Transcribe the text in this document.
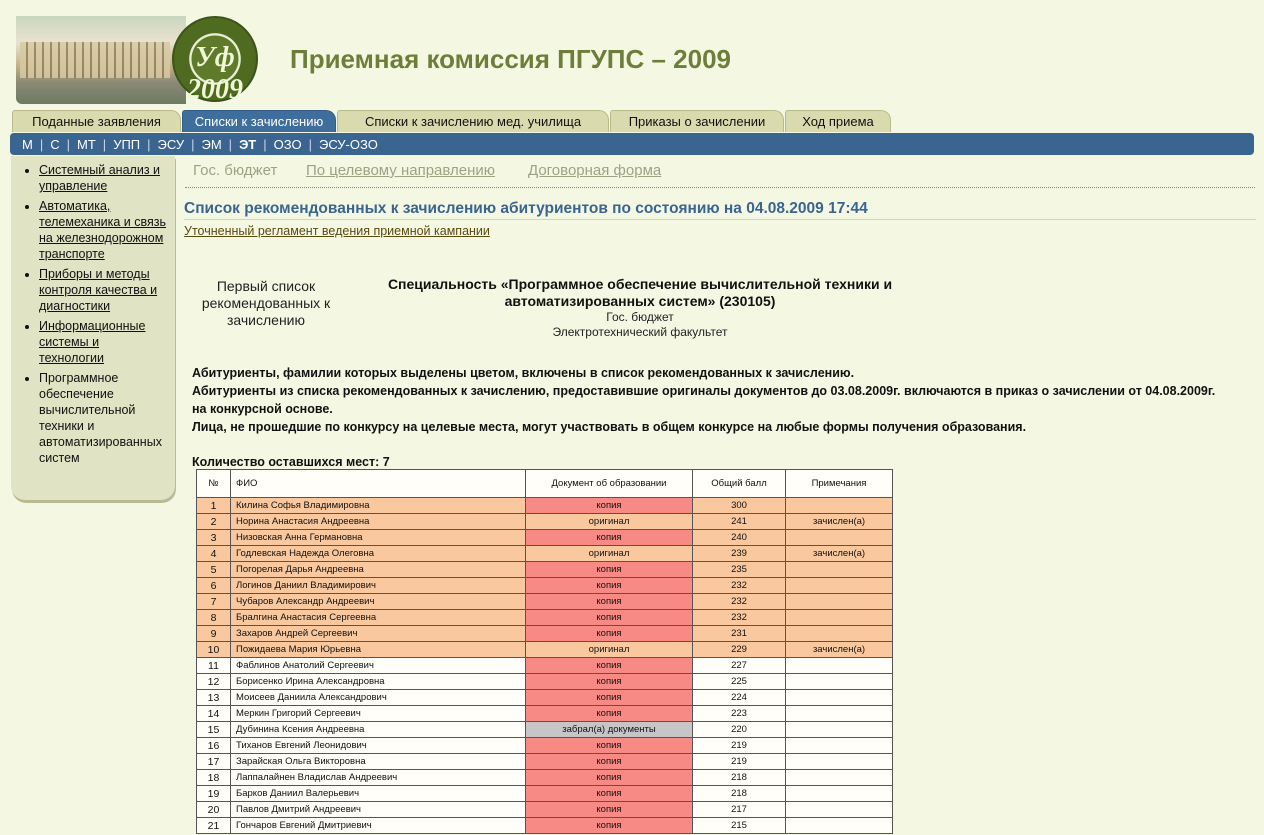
Уф 2009
Приемная комиссия ПГУПС – 2009
Поданные заявления	Списки к зачислению	Списки к зачислению мед. училища	Приказы о зачислении	Ход приема
М | С | МТ | УПП | ЭСУ | ЭМ | ЭТ | ОЗО | ЭСУ-ОЗО
• Системный анализ и управление
• Автоматика, телемеханика и связь на железнодорожном транспорте
• Приборы и методы контроля качества и диагностики
• Информационные системы и технологии
• Программное обеспечение вычислительной техники и автоматизированных систем
Гос. бюджет По целевому направлению Договорная форма
Список рекомендованных к зачислению абитуриентов по состоянию на 04.08.2009 17:44
Уточненный регламент ведения приемной кампании
Первый список рекомендованных к зачислению
Специальность «Программное обеспечение вычислительной техники и автоматизированных систем» (230105)
Гос. бюджет
Электротехнический факультет
Абитуриенты, фамилии которых выделены цветом, включены в список рекомендованных к зачислению.
Абитуриенты из списка рекомендованных к зачислению, предоставившие оригиналы документов до 03.08.2009г. включаются в приказ о зачислении от 04.08.2009г. на конкурсной основе.
Лица, не прошедшие по конкурсу на целевые места, могут участвовать в общем конкурсе на любые формы получения образования.
Количество оставшихся мест: 7
№	ФИО	Документ об образовании	Общий балл	Примечания
1	Килина Софья Владимировна	копия	300	
2	Норина Анастасия Андреевна	оригинал	241	зачислен(а)
3	Низовская Анна Германовна	копия	240	
4	Годлевская Надежда Олеговна	оригинал	239	зачислен(а)
5	Погорелая Дарья Андреевна	копия	235	
6	Логинов Даниил Владимирович	копия	232	
7	Чубаров Александр Андреевич	копия	232	
8	Бралгина Анастасия Сергеевна	копия	232	
9	Захаров Андрей Сергеевич	копия	231	
10	Пожидаева Мария Юрьевна	оригинал	229	зачислен(а)
11	Фаблинов Анатолий Сергеевич	копия	227	
12	Борисенко Ирина Александровна	копия	225	
13	Моисеев Даниила Александрович	копия	224	
14	Меркин Григорий Сергеевич	копия	223	
15	Дубинина Ксения Андреевна	забрал(а) документы	220	
16	Тиханов Евгений Леонидович	копия	219	
17	Зарайская Ольга Викторовна	копия	219	
18	Лаппалайнен Владислав Андреевич	копия	218	
19	Барков Даниил Валерьевич	копия	218	
20	Павлов Дмитрий Андреевич	копия	217	
21	Гончаров Евгений Дмитриевич	копия	215	
